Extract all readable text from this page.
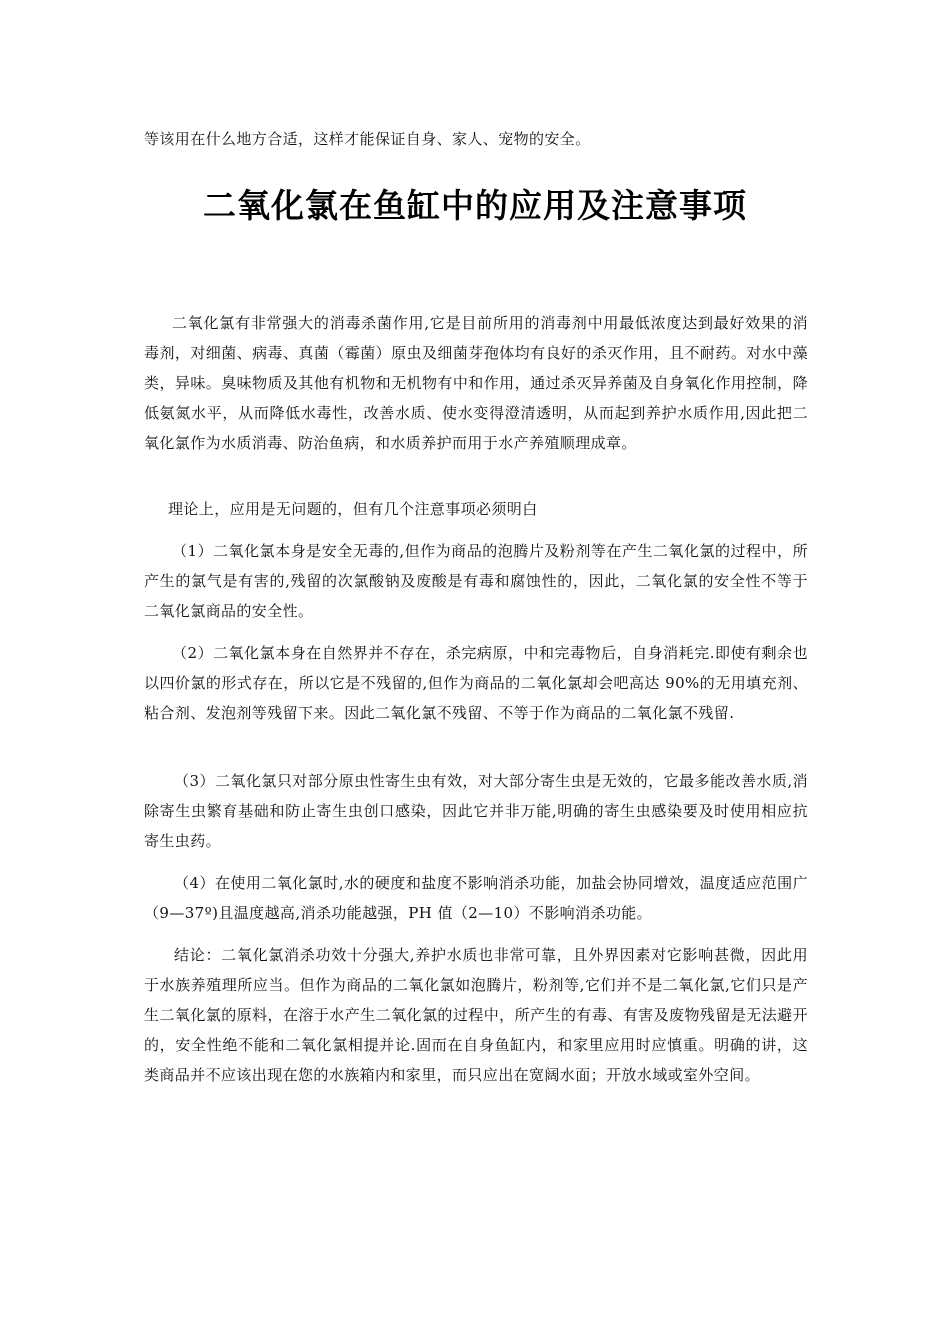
等该用在什么地方合适，这样才能保证自身、家人、宠物的安全。

二氧化氯在鱼缸中的应用及注意事项

二氧化氯有非常强大的消毒杀菌作用,它是目前所用的消毒剂中用最低浓度达到最好效果的消毒剂，对细菌、病毒、真菌（霉菌）原虫及细菌芽孢体均有良好的杀灭作用，且不耐药。对水中藻类，异味。臭味物质及其他有机物和无机物有中和作用，通过杀灭异养菌及自身氧化作用控制，降低氨氮水平，从而降低水毒性，改善水质、使水变得澄清透明，从而起到养护水质作用,因此把二氧化氯作为水质消毒、防治鱼病，和水质养护而用于水产养殖顺理成章。

理论上，应用是无问题的，但有几个注意事项必须明白

（1）二氧化氯本身是安全无毒的,但作为商品的泡腾片及粉剂等在产生二氧化氯的过程中，所产生的氯气是有害的,残留的次氯酸钠及废酸是有毒和腐蚀性的，因此，二氧化氯的安全性不等于二氧化氯商品的安全性。

（2）二氧化氯本身在自然界并不存在，杀完病原，中和完毒物后，自身消耗完.即使有剩余也以四价氯的形式存在，所以它是不残留的,但作为商品的二氧化氯却会吧高达 90%的无用填充剂、粘合剂、发泡剂等残留下来。因此二氧化氯不残留、不等于作为商品的二氧化氯不残留.

（3）二氧化氯只对部分原虫性寄生虫有效，对大部分寄生虫是无效的，它最多能改善水质,消除寄生虫繁育基础和防止寄生虫创口感染，因此它并非万能,明确的寄生虫感染要及时使用相应抗寄生虫药。

（4）在使用二氧化氯时,水的硬度和盐度不影响消杀功能，加盐会协同增效，温度适应范围广（9—37º)且温度越高,消杀功能越强，PH 值（2—10）不影响消杀功能。

结论：二氧化氯消杀功效十分强大,养护水质也非常可靠，且外界因素对它影响甚微，因此用于水族养殖理所应当。但作为商品的二氧化氯如泡腾片，粉剂等,它们并不是二氧化氯,它们只是产生二氧化氯的原料，在溶于水产生二氧化氯的过程中，所产生的有毒、有害及废物残留是无法避开的，安全性绝不能和二氧化氯相提并论.固而在自身鱼缸内，和家里应用时应慎重。明确的讲，这类商品并不应该出现在您的水族箱内和家里，而只应出在宽阔水面；开放水域或室外空间。
